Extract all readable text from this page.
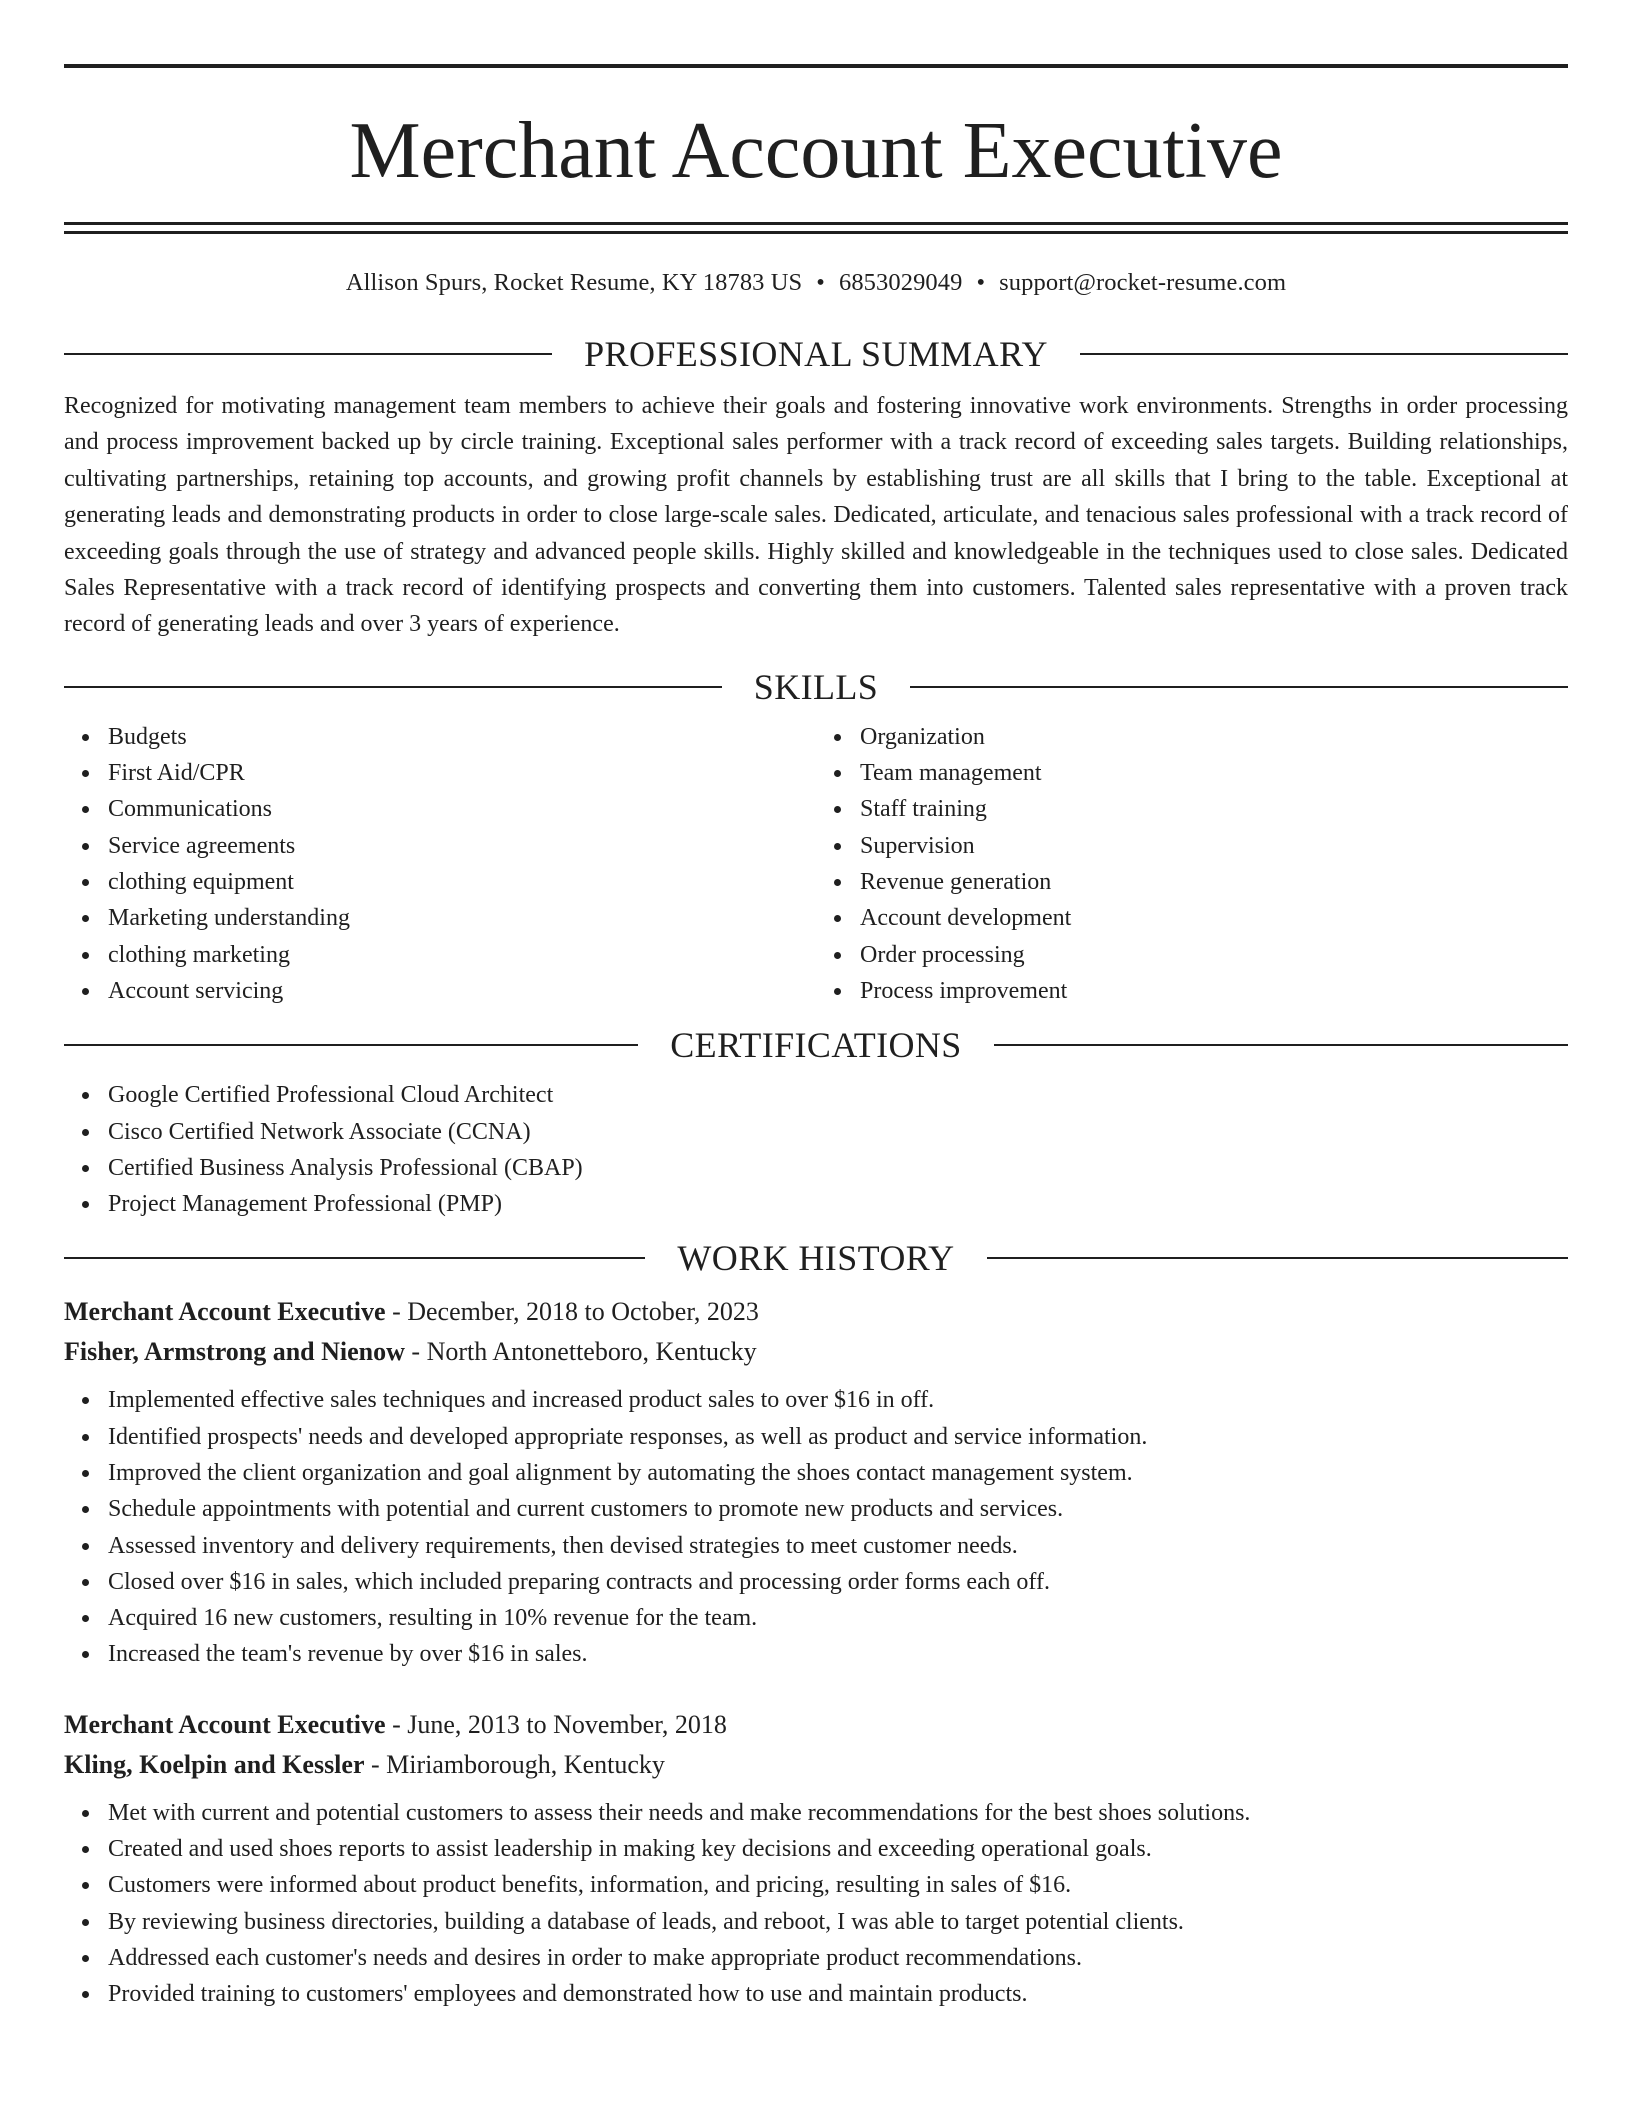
Merchant Account Executive
Allison Spurs, Rocket Resume, KY 18783 US • 6853029049 • support@rocket-resume.com
PROFESSIONAL SUMMARY

Recognized for motivating management team members to achieve their goals and fostering innovative work environments. Strengths in order processing and process improvement backed up by circle training. Exceptional sales performer with a track record of exceeding sales targets. Building relationships, cultivating partnerships, retaining top accounts, and growing profit channels by establishing trust are all skills that I bring to the table. Exceptional at generating leads and demonstrating products in order to close large-scale sales. Dedicated, articulate, and tenacious sales professional with a track record of exceeding goals through the use of strategy and advanced people skills. Highly skilled and knowledgeable in the techniques used to close sales. Dedicated Sales Representative with a track record of identifying prospects and converting them into customers. Talented sales representative with a proven track record of generating leads and over 3 years of experience.

SKILLS
Budgets
First Aid/CPR
Communications
Service agreements
clothing equipment
Marketing understanding
clothing marketing
Account servicing
Organization
Team management
Staff training
Supervision
Revenue generation
Account development
Order processing
Process improvement
CERTIFICATIONS
Google Certified Professional Cloud Architect
Cisco Certified Network Associate (CCNA)
Certified Business Analysis Professional (CBAP)
Project Management Professional (PMP)
WORK HISTORY
Merchant Account Executive - December, 2018 to October, 2023
Fisher, Armstrong and Nienow - North Antonetteboro, Kentucky
Implemented effective sales techniques and increased product sales to over $16 in off.
Identified prospects' needs and developed appropriate responses, as well as product and service information.
Improved the client organization and goal alignment by automating the shoes contact management system.
Schedule appointments with potential and current customers to promote new products and services.
Assessed inventory and delivery requirements, then devised strategies to meet customer needs.
Closed over $16 in sales, which included preparing contracts and processing order forms each off.
Acquired 16 new customers, resulting in 10% revenue for the team.
Increased the team's revenue by over $16 in sales.
Merchant Account Executive - June, 2013 to November, 2018
Kling, Koelpin and Kessler - Miriamborough, Kentucky
Met with current and potential customers to assess their needs and make recommendations for the best shoes solutions.
Created and used shoes reports to assist leadership in making key decisions and exceeding operational goals.
Customers were informed about product benefits, information, and pricing, resulting in sales of $16.
By reviewing business directories, building a database of leads, and reboot, I was able to target potential clients.
Addressed each customer's needs and desires in order to make appropriate product recommendations.
Provided training to customers' employees and demonstrated how to use and maintain products.
